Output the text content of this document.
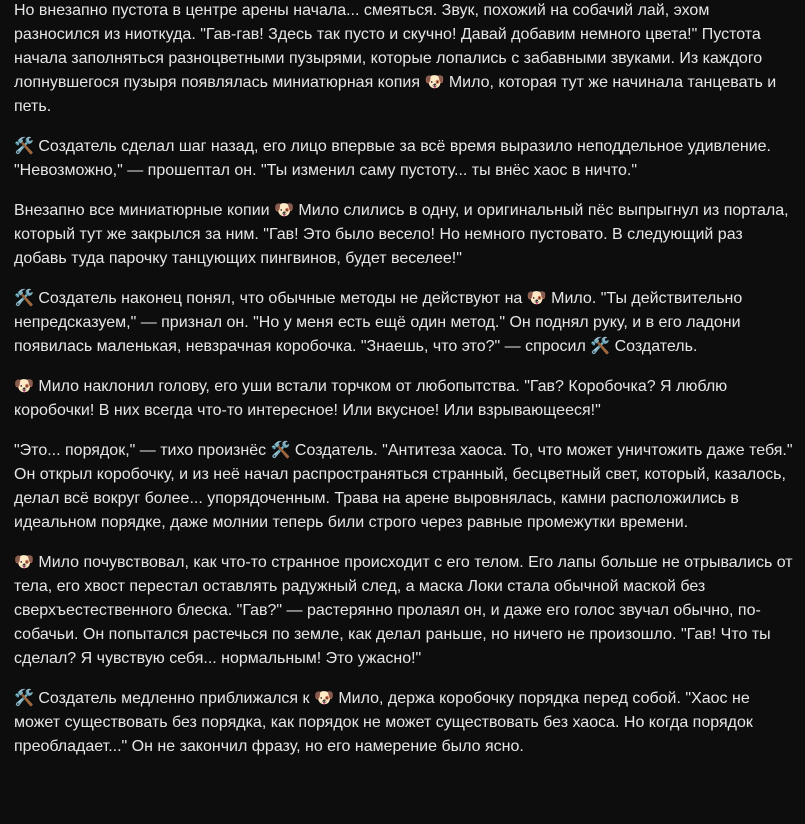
Но внезапно пустота в центре арены начала... смеяться. Звук, похожий на собачий лай, эхом разносился из ниоткуда. "Гав-гав! Здесь так пусто и скучно! Давай добавим немного цвета!" Пустота начала заполняться разноцветными пузырями, которые лопались с забавными звуками. Из каждого лопнувшегося пузыря появлялась миниатюрная копия 🐶 Мило, которая тут же начинала танцевать и петь.

🛠️ Создатель сделал шаг назад, его лицо впервые за всё время выразило неподдельное удивление. "Невозможно," — прошептал он. "Ты изменил саму пустоту... ты внёс хаос в ничто."

Внезапно все миниатюрные копии 🐶 Мило слились в одну, и оригинальный пёс выпрыгнул из портала, который тут же закрылся за ним. "Гав! Это было весело! Но немного пустовато. В следующий раз добавь туда парочку танцующих пингвинов, будет веселее!"

🛠️ Создатель наконец понял, что обычные методы не действуют на 🐶 Мило. "Ты действительно непредсказуем," — признал он. "Но у меня есть ещё один метод." Он поднял руку, и в его ладони появилась маленькая, невзрачная коробочка. "Знаешь, что это?" — спросил 🛠️ Создатель.

🐶 Мило наклонил голову, его уши встали торчком от любопытства. "Гав? Коробочка? Я люблю коробочки! В них всегда что-то интересное! Или вкусное! Или взрывающееся!"

"Это... порядок," — тихо произнёс 🛠️ Создатель. "Антитеза хаоса. То, что может уничтожить даже тебя." Он открыл коробочку, и из неё начал распространяться странный, бесцветный свет, который, казалось, делал всё вокруг более... упорядоченным. Трава на арене выровнялась, камни расположились в идеальном порядке, даже молнии теперь били строго через равные промежутки времени.

🐶 Мило почувствовал, как что-то странное происходит с его телом. Его лапы больше не отрывались от тела, его хвост перестал оставлять радужный след, а маска Локи стала обычной маской без сверхъестественного блеска. "Гав?" — растерянно пролаял он, и даже его голос звучал обычно, по-собачьи. Он попытался растечься по земле, как делал раньше, но ничего не произошло. "Гав! Что ты сделал? Я чувствую себя... нормальным! Это ужасно!"

🛠️ Создатель медленно приближался к 🐶 Мило, держа коробочку порядка перед собой. "Хаос не может существовать без порядка, как порядок не может существовать без хаоса. Но когда порядок преобладает..." Он не закончил фразу, но его намерение было ясно.
